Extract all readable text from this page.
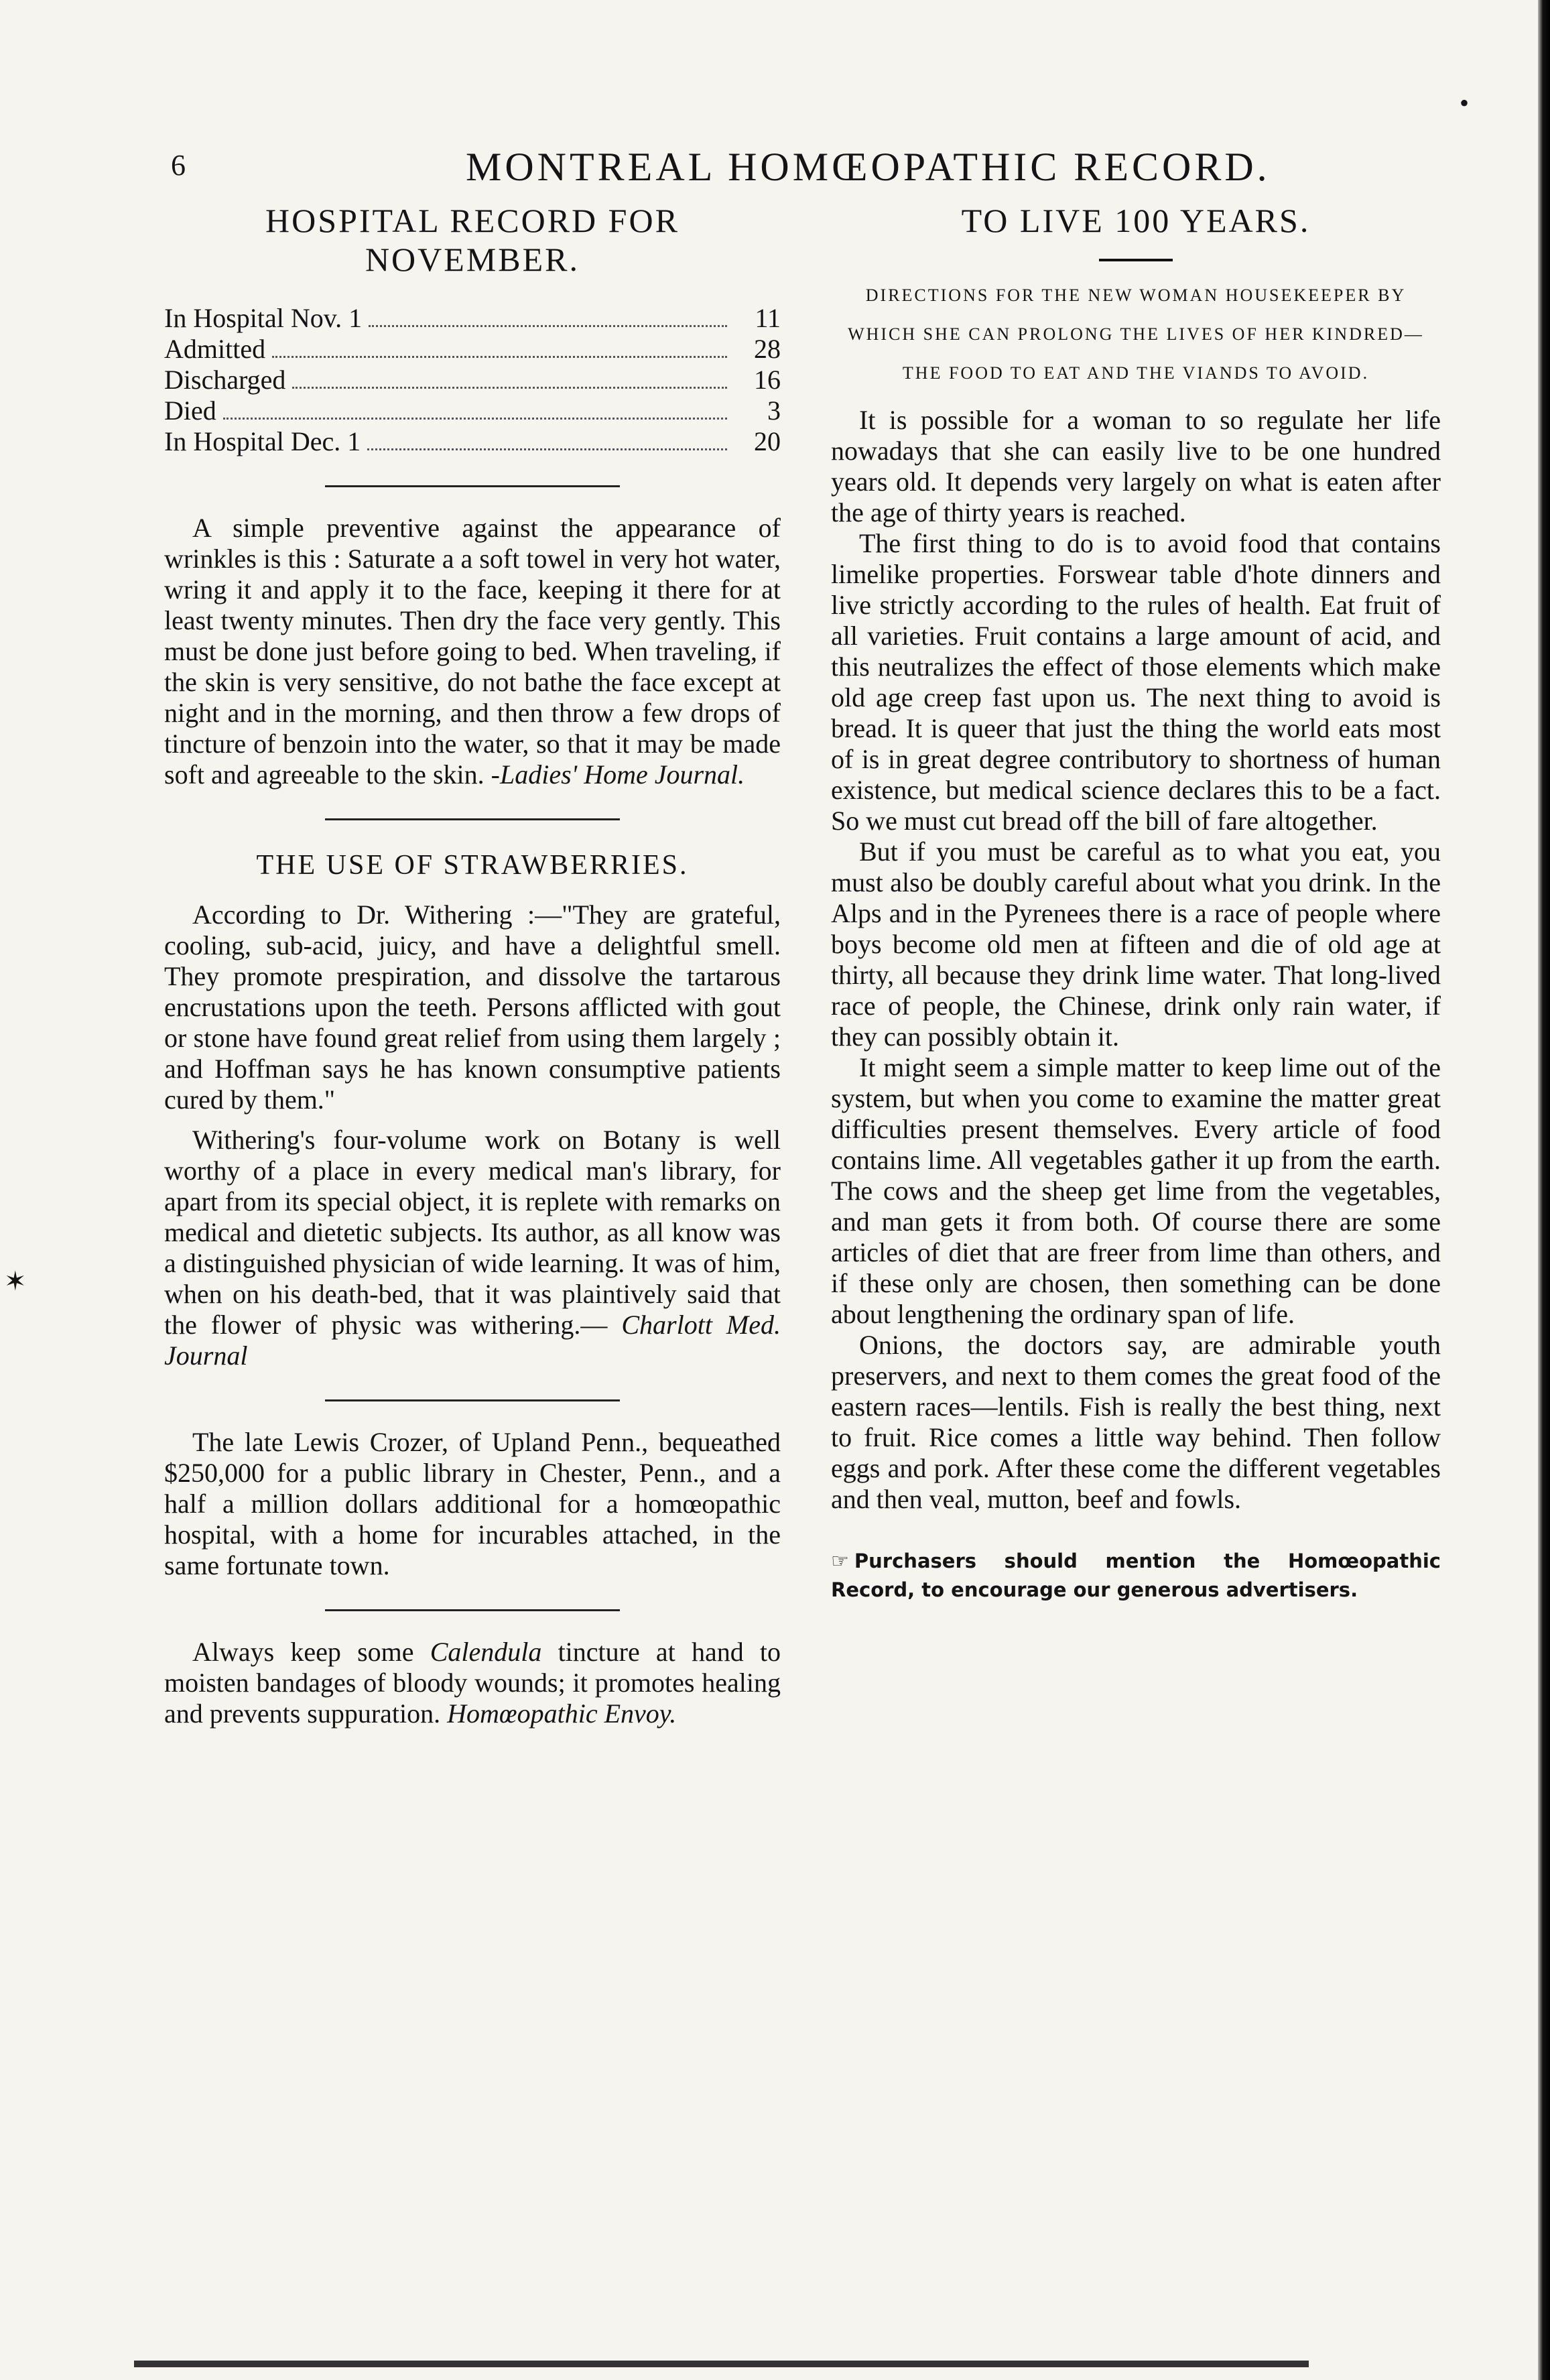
✶
•
6	MONTREAL HOMŒOPATHIC RECORD.
HOSPITAL RECORD FOR NOVEMBER.
In Hospital Nov. 1	11
Admitted	28
Discharged	16
Died	3
In Hospital Dec. 1	20

A simple preventive against the appearance of wrinkles is this : Saturate a a soft towel in very hot water, wring it and apply it to the face, keeping it there for at least twenty minutes. Then dry the face very gently. This must be done just before going to bed. When traveling, if the skin is very sensitive, do not bathe the face except at night and in the morning, and then throw a few drops of tincture of benzoin into the water, so that it may be made soft and agreeable to the skin. -Ladies' Home Journal.

THE USE OF STRAWBERRIES.

According to Dr. Withering :—"They are grateful, cooling, sub-acid, juicy, and have a delightful smell. They promote prespiration, and dissolve the tartarous encrustations upon the teeth. Persons afflicted with gout or stone have found great relief from using them largely ; and Hoffman says he has known consumptive patients cured by them."

Withering's four-volume work on Botany is well worthy of a place in every medical man's library, for apart from its special object, it is replete with remarks on medical and dietetic subjects. Its author, as all know was a distinguished physician of wide learning. It was of him, when on his death-bed, that it was plaintively said that the flower of physic was withering.— Charlott Med. Journal

The late Lewis Crozer, of Upland Penn., bequeathed $250,000 for a public library in Chester, Penn., and a half a million dollars additional for a homœopathic hospital, with a home for incurables attached, in the same fortunate town.

Always keep some Calendula tincture at hand to moisten bandages of bloody wounds; it promotes healing and prevents suppuration. Homœopathic Envoy.

TO LIVE 100 YEARS.
DIRECTIONS FOR THE NEW WOMAN HOUSEKEEPER BY WHICH SHE CAN PROLONG THE LIVES OF HER KINDRED—THE FOOD TO EAT AND THE VIANDS TO AVOID.

It is possible for a woman to so regulate her life nowadays that she can easily live to be one hundred years old. It depends very largely on what is eaten after the age of thirty years is reached.

The first thing to do is to avoid food that contains limelike properties. Forswear table d'hote dinners and live strictly according to the rules of health. Eat fruit of all varieties. Fruit contains a large amount of acid, and this neutralizes the effect of those elements which make old age creep fast upon us. The next thing to avoid is bread. It is queer that just the thing the world eats most of is in great degree contributory to shortness of human existence, but medical science declares this to be a fact. So we must cut bread off the bill of fare altogether.

But if you must be careful as to what you eat, you must also be doubly careful about what you drink. In the Alps and in the Pyrenees there is a race of people where boys become old men at fifteen and die of old age at thirty, all because they drink lime water. That long-lived race of people, the Chinese, drink only rain water, if they can possibly obtain it.

It might seem a simple matter to keep lime out of the system, but when you come to examine the matter great difficulties present themselves. Every article of food contains lime. All vegetables gather it up from the earth. The cows and the sheep get lime from the vegetables, and man gets it from both. Of course there are some articles of diet that are freer from lime than others, and if these only are chosen, then something can be done about lengthening the ordinary span of life.

Onions, the doctors say, are admirable youth preservers, and next to them comes the great food of the eastern races—lentils. Fish is really the best thing, next to fruit. Rice comes a little way behind. Then follow eggs and pork. After these come the different vegetables and then veal, mutton, beef and fowls.

☞ Purchasers should mention the Homœopathic Record, to encourage our generous advertisers.
